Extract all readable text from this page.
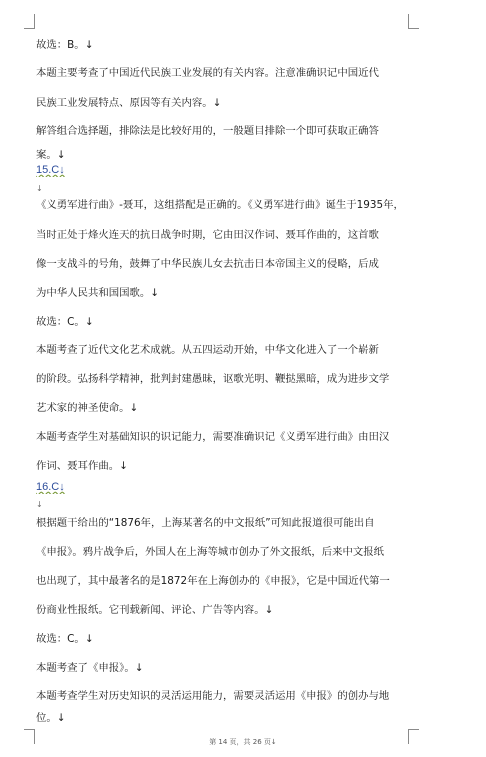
故选：B。↓
本题主要考查了中国近代民族工业发展的有关内容。注意准确识记中国近代
民族工业发展特点、原因等有关内容。↓
解答组合选择题，排除法是比较好用的，一般题目排除一个即可获取正确答
案。↓
15.C↓
↓
《义勇军进行曲》-聂耳，这组搭配是正确的。《义勇军进行曲》诞生于1935年，
当时正处于烽火连天的抗日战争时期，它由田汉作词、聂耳作曲的，这首歌
像一支战斗的号角，鼓舞了中华民族儿女去抗击日本帝国主义的侵略，后成
为中华人民共和国国歌。↓
故选：C。↓
本题考查了近代文化艺术成就。从五四运动开始，中华文化进入了一个崭新
的阶段。弘扬科学精神，批判封建愚昧，讴歌光明、鞭挞黑暗，成为进步文学
艺术家的神圣使命。↓
本题考查学生对基础知识的识记能力，需要准确识记《义勇军进行曲》由田汉
作词、聂耳作曲。↓
16.C↓
↓
根据题干给出的“1876年，上海某著名的中文报纸”可知此报道很可能出自
《申报》。鸦片战争后，外国人在上海等城市创办了外文报纸，后来中文报纸
也出现了，其中最著名的是1872年在上海创办的《申报》，它是中国近代第一
份商业性报纸。它刊载新闻、评论、广告等内容。↓
故选：C。↓
本题考查了《申报》。↓
本题考查学生对历史知识的灵活运用能力，需要灵活运用《申报》的创办与地
位。↓
第 14 页，共 26 页↓
